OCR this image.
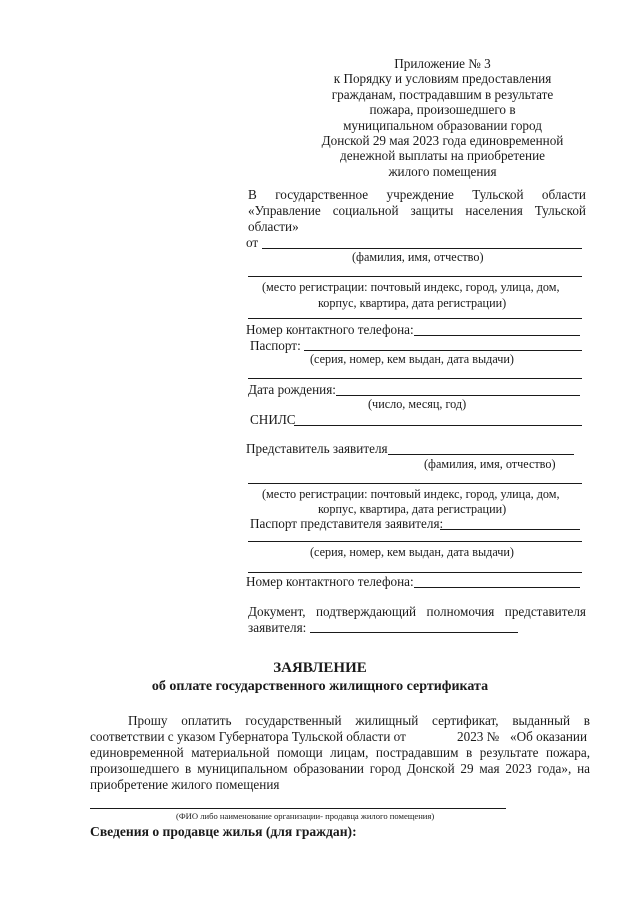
Приложение № 3
к Порядку и условиям предоставления
гражданам, пострадавшим в результате
пожара, произошедшего в
муниципальном образовании город
Донской 29 мая 2023 года единовременной
денежной выплаты на приобретение
жилого помещения
В государственное учреждение Тульской области
«Управление социальной защиты населения Тульской
области»
от
(фамилия, имя, отчество)
(место регистрации: почтовый индекс, город, улица, дом,
корпус, квартира, дата регистрации)
Номер контактного телефона:
Паспорт:
(серия, номер, кем выдан, дата выдачи)
Дата рождения:
(число, месяц, год)
СНИЛС
Представитель заявителя
(фамилия, имя, отчество)
(место регистрации: почтовый индекс, город, улица, дом,
корпус, квартира, дата регистрации)
Паспорт представителя заявителя:
(серия, номер, кем выдан, дата выдачи)
Номер контактного телефона:
Документ, подтверждающий полномочия представителя
заявителя:
ЗАЯВЛЕНИЕ
об оплате государственного жилищного сертификата
Прошу оплатить государственный жилищный сертификат, выданный в
соответствии с указом Губернатора Тульской области от	2023 № «Об оказании
единовременной материальной помощи лицам, пострадавшим в результате пожара,
произошедшего в муниципальном образовании город Донской 29 мая 2023 года», на
приобретение жилого помещения
(ФИО либо наименование организации- продавца жилого помещения)
Сведения о продавце жилья (для граждан):
